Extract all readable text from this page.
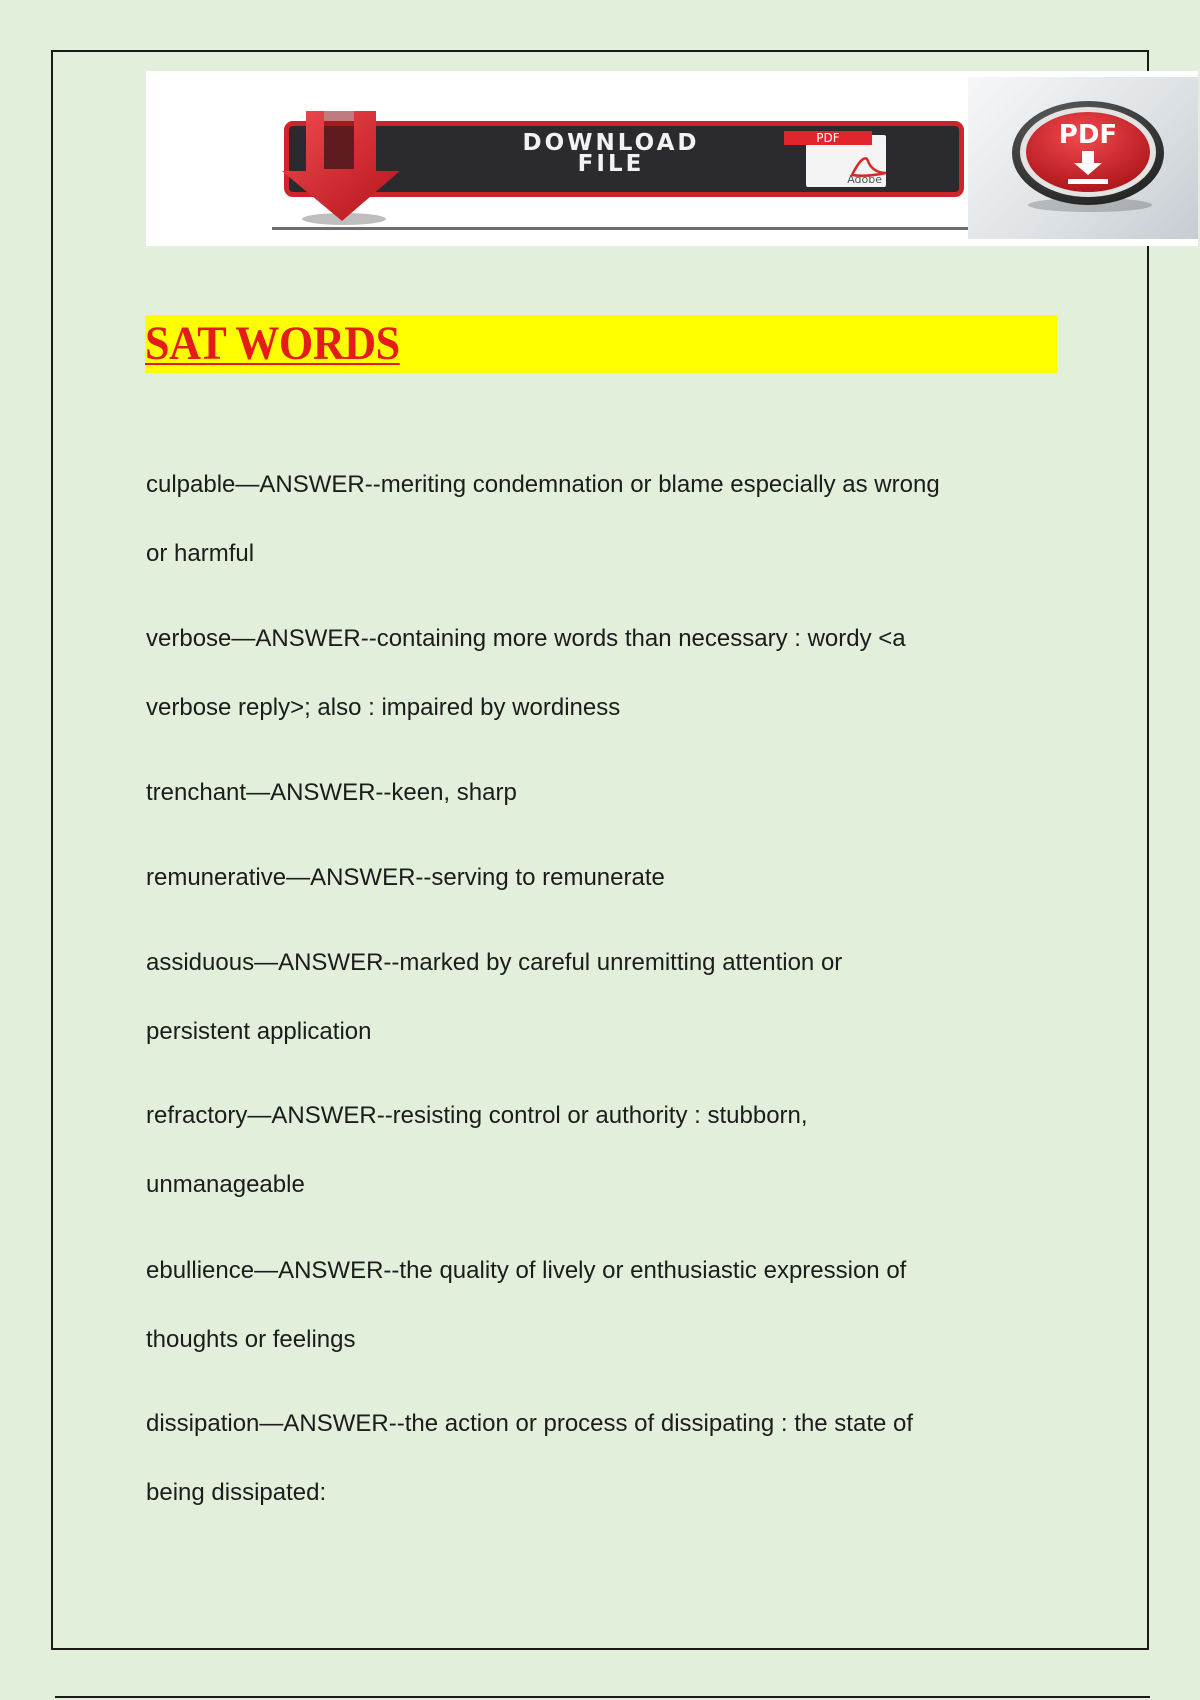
DOWNLOAD
FILE
Adobe
PDF	PDF
SAT WORDS
culpable—ANSWER--meriting condemnation or blame especially as wrong
or harmful
verbose—ANSWER--containing more words than necessary : wordy <a
verbose reply>; also : impaired by wordiness
trenchant—ANSWER--keen, sharp
remunerative—ANSWER--serving to remunerate
assiduous—ANSWER--marked by careful unremitting attention or
persistent application
refractory—ANSWER--resisting control or authority : stubborn,
unmanageable
ebullience—ANSWER--the quality of lively or enthusiastic expression of
thoughts or feelings
dissipation—ANSWER--the action or process of dissipating : the state of
being dissipated:
